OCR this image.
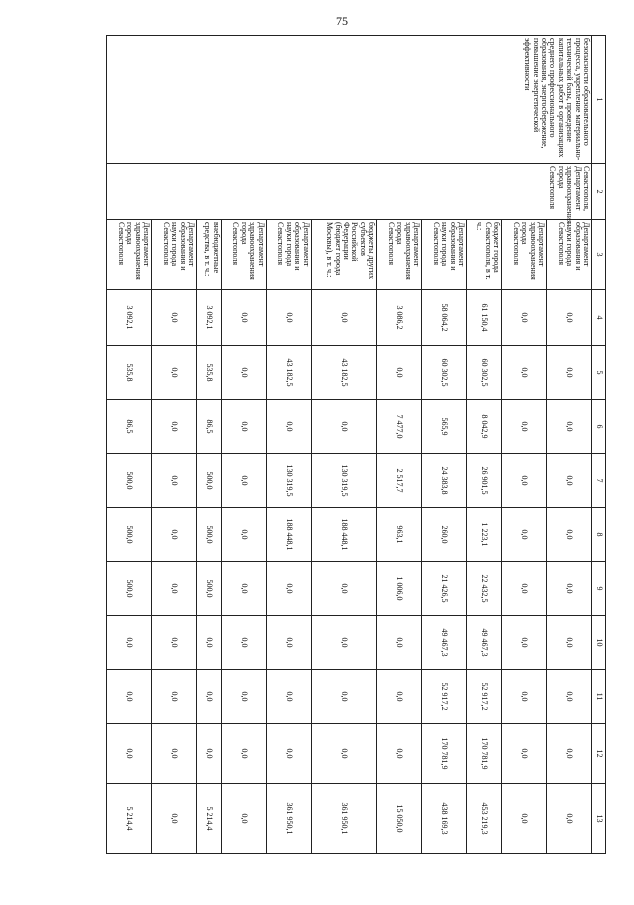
75
1	2	3	4	5	6	7	8	9	10	11	12	13
безопасности образовательного процесса, укрепление материально-технической базы, проведение капитальных работ в организациях среднего профессионального образования, энергосбережение, повышение энергетической эффективности	Севастополя, Департамент здравоохранения города Севастополя	Департамент образования и науки города Севастополя	0,0	0,0	0,0	0,0	0,0	0,0	0,0	0,0	0,0	0,0
		Департамент здравоохранения города Севастополя	0,0	0,0	0,0	0,0	0,0	0,0	0,0	0,0	0,0	0,0
		бюджет города Севастополя, в т. ч.:	61 150,4	60 302,5	8 042,9	26 901,5	1 223,1	22 432,5	49 467,3	52 917,2	170 781,9	453 219,3
		Департамент образования и науки города Севастополя	58 064,2	60 302,5	565,9	24 383,8	260,0	21 426,5	49 467,3	52 917,2	170 781,9	438 169,3
		Департамент здравоохранения города Севастополя	3 086,2	0,0	7 477,0	2 517,7	963,1	1 006,0	0,0	0,0	0,0	15 050,0
		бюджеты других субъектов Российской Федерации (бюджет города Москвы), в т. ч.:	0,0	43 182,5	0,0	130 319,5	188 448,1	0,0	0,0	0,0	0,0	361 950,1
		Департамент образования и науки города Севастополя	0,0	43 182,5	0,0	130 319,5	188 448,1	0,0	0,0	0,0	0,0	361 950,1
		Департамент здравоохранения города Севастополя	0,0	0,0	0,0	0,0	0,0	0,0	0,0	0,0	0,0	0,0
		внебюджетные средства, в т. ч.:	3 092,1	535,8	86,5	500,0	500,0	500,0	0,0	0,0	0,0	5 214,4
		Департамент образования и науки города Севастополя	0,0	0,0	0,0	0,0	0,0	0,0	0,0	0,0	0,0	0,0
		Департамент здравоохранения города Севастополя	3 092,1	535,8	86,5	500,0	500,0	500,0	0,0	0,0	0,0	5 214,4
